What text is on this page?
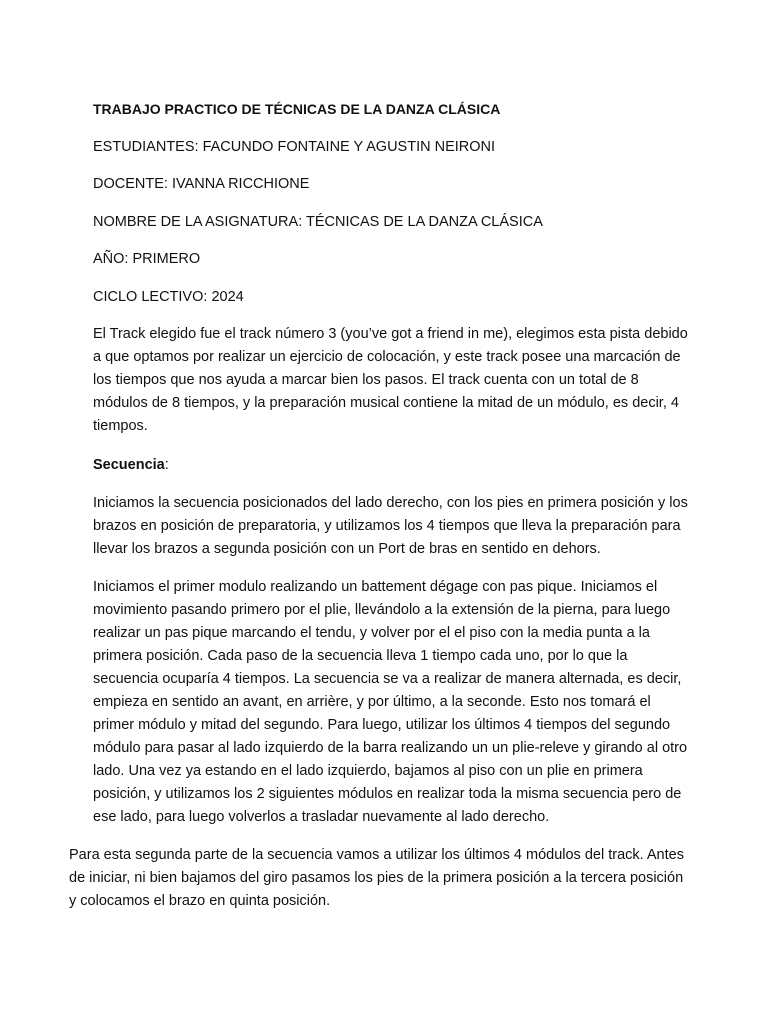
TRABAJO PRACTICO DE TÉCNICAS DE LA DANZA CLÁSICA

ESTUDIANTES: FACUNDO FONTAINE Y AGUSTIN NEIRONI

DOCENTE: IVANNA RICCHIONE

NOMBRE DE LA ASIGNATURA: TÉCNICAS DE LA DANZA CLÁSICA

AÑO: PRIMERO

CICLO LECTIVO: 2024

El Track elegido fue el track número 3 (you’ve got a friend in me), elegimos esta pista debido a que optamos por realizar un ejercicio de colocación, y este track posee una marcación de los tiempos que nos ayuda a marcar bien los pasos. El track cuenta con un total de 8 módulos de 8 tiempos, y la preparación musical contiene la mitad de un módulo, es decir, 4 tiempos.

Secuencia:

Iniciamos la secuencia posicionados del lado derecho, con los pies en primera posición y los brazos en posición de preparatoria, y utilizamos los 4 tiempos que lleva la preparación para llevar los brazos a segunda posición con un Port de bras en sentido en dehors.

Iniciamos el primer modulo realizando un battement dégage con pas pique. Iniciamos el movimiento pasando primero por el plie, llevándolo a la extensión de la pierna, para luego realizar un pas pique marcando el tendu, y volver por el el piso con la media punta a la primera posición. Cada paso de la secuencia lleva 1 tiempo cada uno, por lo que la secuencia ocuparía 4 tiempos. La secuencia se va a realizar de manera alternada, es decir, empieza en sentido an avant, en arrière, y por último, a la seconde. Esto nos tomará el primer módulo y mitad del segundo. Para luego, utilizar los últimos 4 tiempos del segundo módulo para pasar al lado izquierdo de la barra realizando un un plie-releve y girando al otro lado. Una vez ya estando en el lado izquierdo, bajamos al piso con un plie en primera posición, y utilizamos los 2 siguientes módulos en realizar toda la misma secuencia pero de ese lado, para luego volverlos a trasladar nuevamente al lado derecho.

Para esta segunda parte de la secuencia vamos a utilizar los últimos 4 módulos del track. Antes de iniciar, ni bien bajamos del giro pasamos los pies de la primera posición a la tercera posición y colocamos el brazo en quinta posición.
